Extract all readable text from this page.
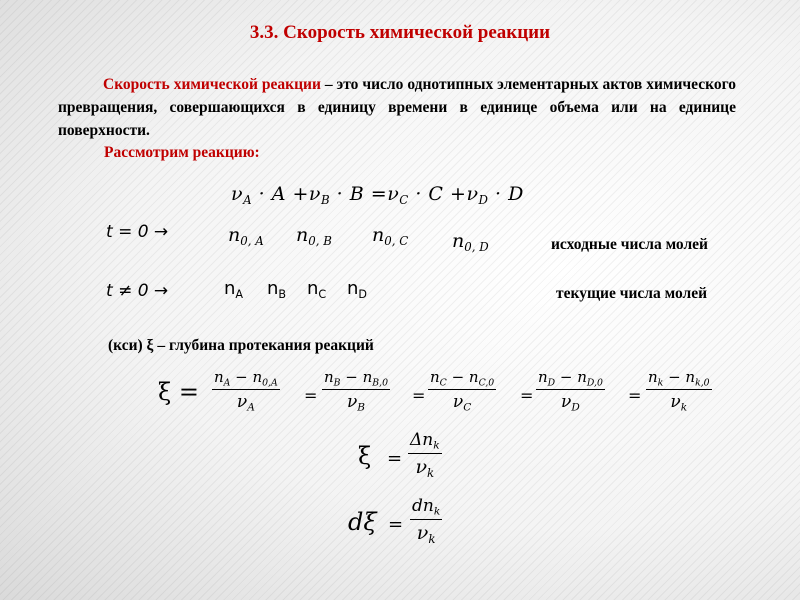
3.3. Скорость химической реакции
Скорость химической реакции – это число однотипных элементарных актов химического превращения, совершающихся в единицу времени в единице объема или на единице поверхности.
Рассмотрим реакцию:
$\nu_A \cdot A +\nu_B \cdot B =\nu_C \cdot C +\nu_D \cdot D$
t = 0 →	$n_{0, A}$ $n_{0, B}$ $n_{0, C}$ $n_{0, D}$	исходные числа молей
t ≠ 0 →	$n_A$ $n_B$ $n_C$ $n_D$	текущие числа молей
(кси) ξ – глубина протекания реакций
$\xi = \frac{n_A - n_{0,A}}{\nu_A} = \frac{n_B - n_{B,0}}{\nu_B} = \frac{n_C - n_{C,0}}{\nu_C} = \frac{n_D - n_{D,0}}{\nu_D} = \frac{n_k - n_{k,0}}{\nu_k}$
ξ =
$\Delta n_k$
$\nu_k$
dξ =
$dn_k$
$\nu_k$
